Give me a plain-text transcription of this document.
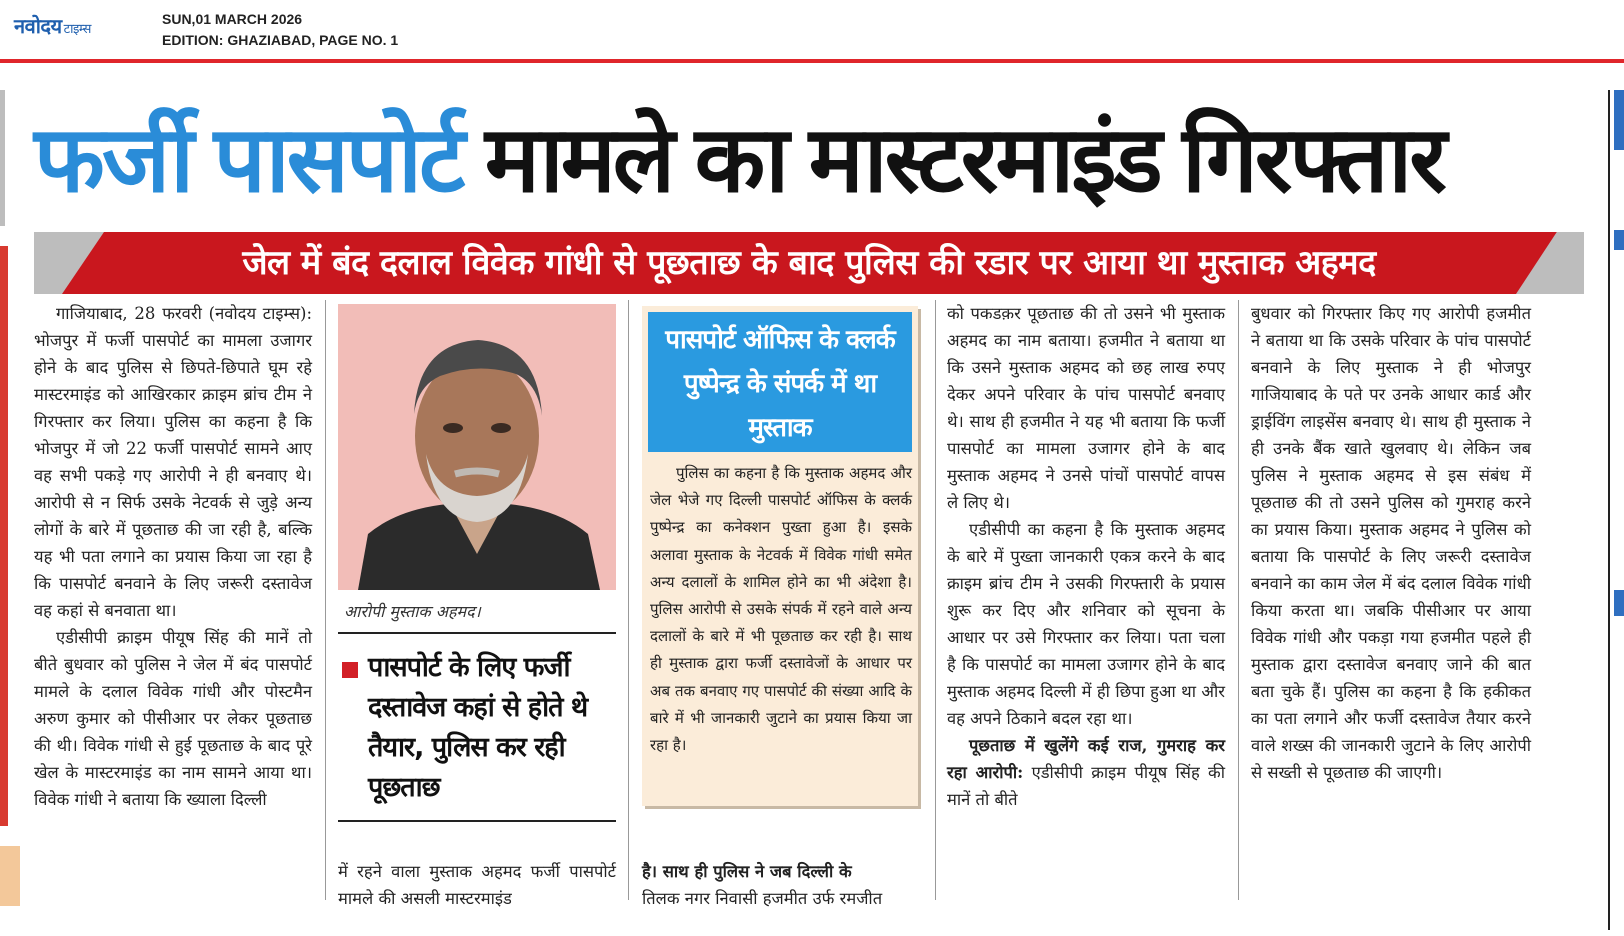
नवोदय टाइम्स
SUN,01 MARCH 2026
EDITION: GHAZIABAD, PAGE NO. 1
फर्जी पासपोर्ट मामले का मास्टरमाइंड गिरफ्तार
जेल में बंद दलाल विवेक गांधी से पूछताछ के बाद पुलिस की रडार पर आया था मुस्ताक अहमद

गाजियाबाद, 28 फरवरी (नवोदय टाइम्स): भोजपुर में फर्जी पासपोर्ट का मामला उजागर होने के बाद पुलिस से छिपते-छिपाते घूम रहे मास्टरमाइंड को आखिरकार क्राइम ब्रांच टीम ने गिरफ्तार कर लिया। पुलिस का कहना है कि भोजपुर में जो 22 फर्जी पासपोर्ट सामने आए वह सभी पकड़े गए आरोपी ने ही बनवाए थे। आरोपी से न सिर्फ उसके नेटवर्क से जुड़े अन्य लोगों के बारे में पूछताछ की जा रही है, बल्कि यह भी पता लगाने का प्रयास किया जा रहा है कि पासपोर्ट बनवाने के लिए जरूरी दस्तावेज वह कहां से बनवाता था।

एडीसीपी क्राइम पीयूष सिंह की मानें तो बीते बुधवार को पुलिस ने जेल में बंद पासपोर्ट मामले के दलाल विवेक गांधी और पोस्टमैन अरुण कुमार को पीसीआर पर लेकर पूछताछ की थी। विवेक गांधी से हुई पूछताछ के बाद पूरे खेल के मास्टरमाइंड का नाम सामने आया था। विवेक गांधी ने बताया कि ख्याला दिल्ली

आरोपी मुस्ताक अहमद।
पासपोर्ट के लिए फर्जी दस्तावेज कहां से होते थे तैयार, पुलिस कर रही पूछताछ
में रहने वाला मुस्ताक अहमद फर्जी पासपोर्ट मामले की असली मास्टरमाइंड
पासपोर्ट ऑफिस के क्लर्क पुष्पेन्द्र के संपर्क में था मुस्ताक

पुलिस का कहना है कि मुस्ताक अहमद और जेल भेजे गए दिल्ली पासपोर्ट ऑफिस के क्लर्क पुष्पेन्द्र का कनेक्शन पुख्ता हुआ है। इसके अलावा मुस्ताक के नेटवर्क में विवेक गांधी समेत अन्य दलालों के शामिल होने का भी अंदेशा है। पुलिस आरोपी से उसके संपर्क में रहने वाले अन्य दलालों के बारे में भी पूछताछ कर रही है। साथ ही मुस्ताक द्वारा फर्जी दस्तावेजों के आधार पर अब तक बनवाए गए पासपोर्ट की संख्या आदि के बारे में भी जानकारी जुटाने का प्रयास किया जा रहा है।

है। साथ ही पुलिस ने जब दिल्ली के
तिलक नगर निवासी हजमीत उर्फ रमजीत

को पकडक़र पूछताछ की तो उसने भी मुस्ताक अहमद का नाम बताया। हजमीत ने बताया था कि उसने मुस्ताक अहमद को छह लाख रुपए देकर अपने परिवार के पांच पासपोर्ट बनवाए थे। साथ ही हजमीत ने यह भी बताया कि फर्जी पासपोर्ट का मामला उजागर होने के बाद मुस्ताक अहमद ने उनसे पांचों पासपोर्ट वापस ले लिए थे।

एडीसीपी का कहना है कि मुस्ताक अहमद के बारे में पुख्ता जानकारी एकत्र करने के बाद क्राइम ब्रांच टीम ने उसकी गिरफ्तारी के प्रयास शुरू कर दिए और शनिवार को सूचना के आधार पर उसे गिरफ्तार कर लिया। पता चला है कि पासपोर्ट का मामला उजागर होने के बाद मुस्ताक अहमद दिल्ली में ही छिपा हुआ था और वह अपने ठिकाने बदल रहा था।

पूछताछ में खुलेंगे कई राज, गुमराह कर रहा आरोपी: एडीसीपी क्राइम पीयूष सिंह की मानें तो बीते

बुधवार को गिरफ्तार किए गए आरोपी हजमीत ने बताया था कि उसके परिवार के पांच पासपोर्ट बनवाने के लिए मुस्ताक ने ही भोजपुर गाजियाबाद के पते पर उनके आधार कार्ड और ड्राईविंग लाइसेंस बनवाए थे। साथ ही मुस्ताक ने ही उनके बैंक खाते खुलवाए थे। लेकिन जब पुलिस ने मुस्ताक अहमद से इस संबंध में पूछताछ की तो उसने पुलिस को गुमराह करने का प्रयास किया। मुस्ताक अहमद ने पुलिस को बताया कि पासपोर्ट के लिए जरूरी दस्तावेज बनवाने का काम जेल में बंद दलाल विवेक गांधी किया करता था। जबकि पीसीआर पर आया विवेक गांधी और पकड़ा गया हजमीत पहले ही मुस्ताक द्वारा दस्तावेज बनवाए जाने की बात बता चुके हैं। पुलिस का कहना है कि हकीकत का पता लगाने और फर्जी दस्तावेज तैयार करने वाले शख्स की जानकारी जुटाने के लिए आरोपी से सख्ती से पूछताछ की जाएगी।
